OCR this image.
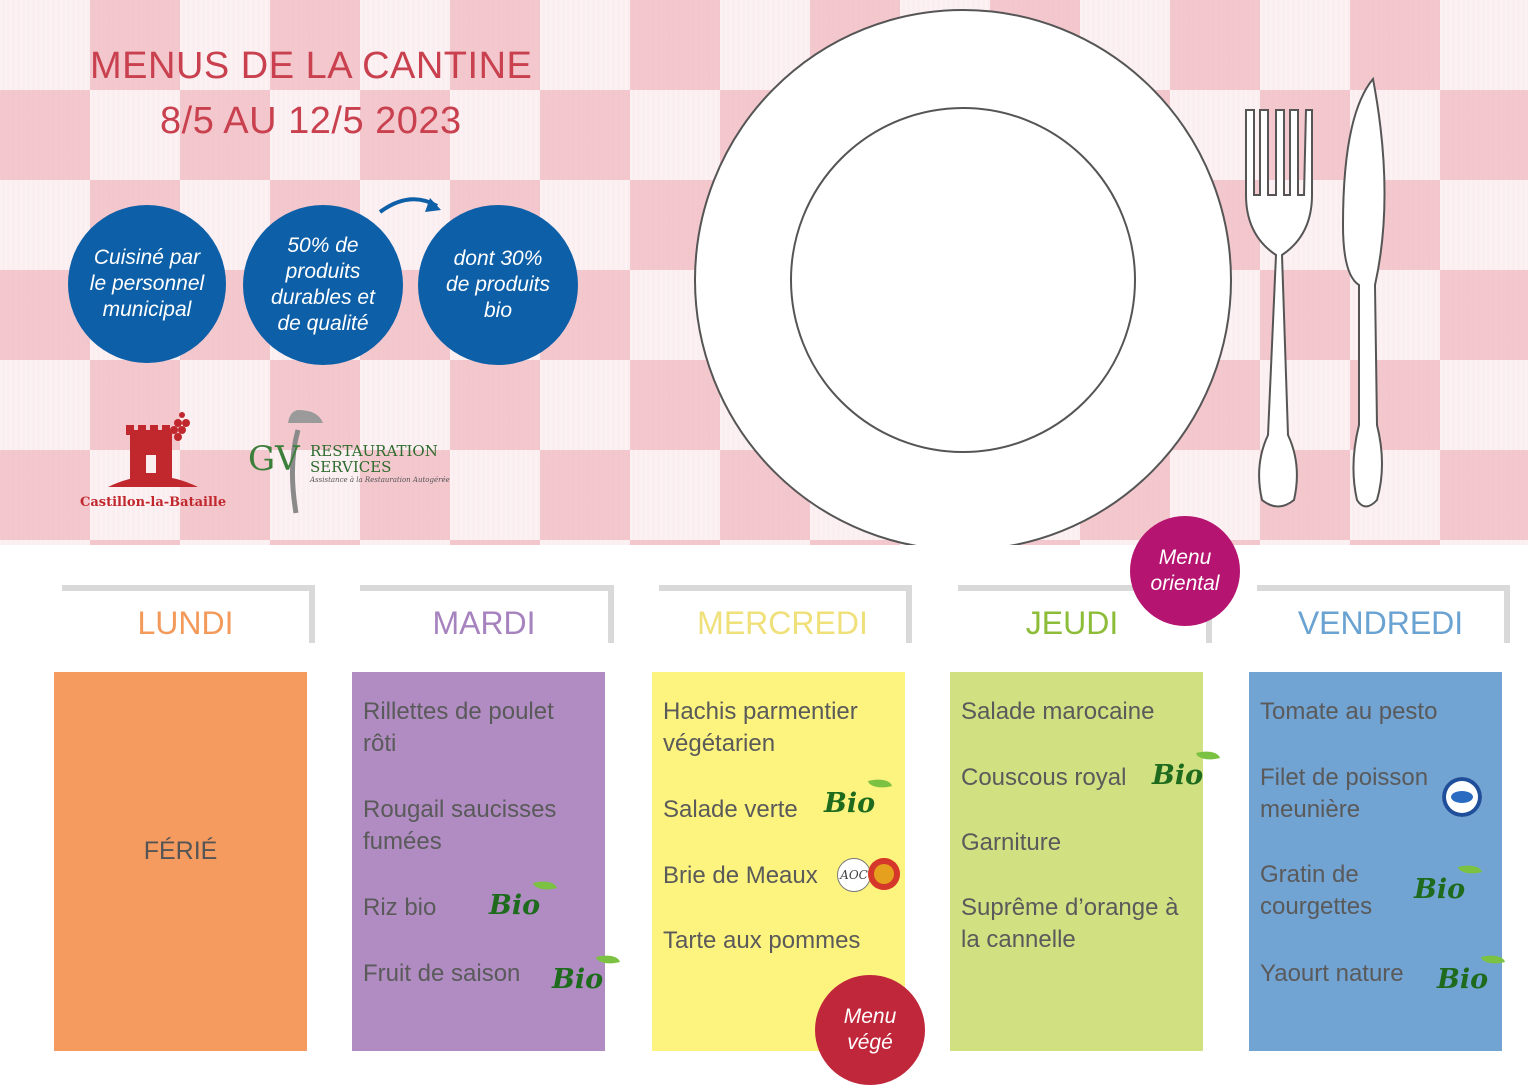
MENUS DE LA CANTINE
8/5 AU 12/5 2023
Cuisiné par
le personnel
municipal
50% de
produits
durables et
de qualité
dont 30%
de produits
bio
Castillon-la-Bataille
GV RESTAURATION
SERVICES
Assistance à la Restauration Autogérée
LUNDI	MARDI	MERCREDI	JEUDI	VENDREDI
FÉRIÉ
Rillettes de poulet rôti
Rougail saucisses fumées
Riz bio
Fruit de saison
Bio
Bio
Hachis parmentier végétarien
Salade verte
Brie de Meaux
Tarte aux pommes
Bio
AOC
Salade marocaine
Couscous royal
Garniture
Suprême d’orange à la cannelle
Bio
Tomate au pesto
Filet de poisson meunière
Gratin de courgettes
Yaourt nature
Bio
Bio
Menu
végé
Menu
oriental
